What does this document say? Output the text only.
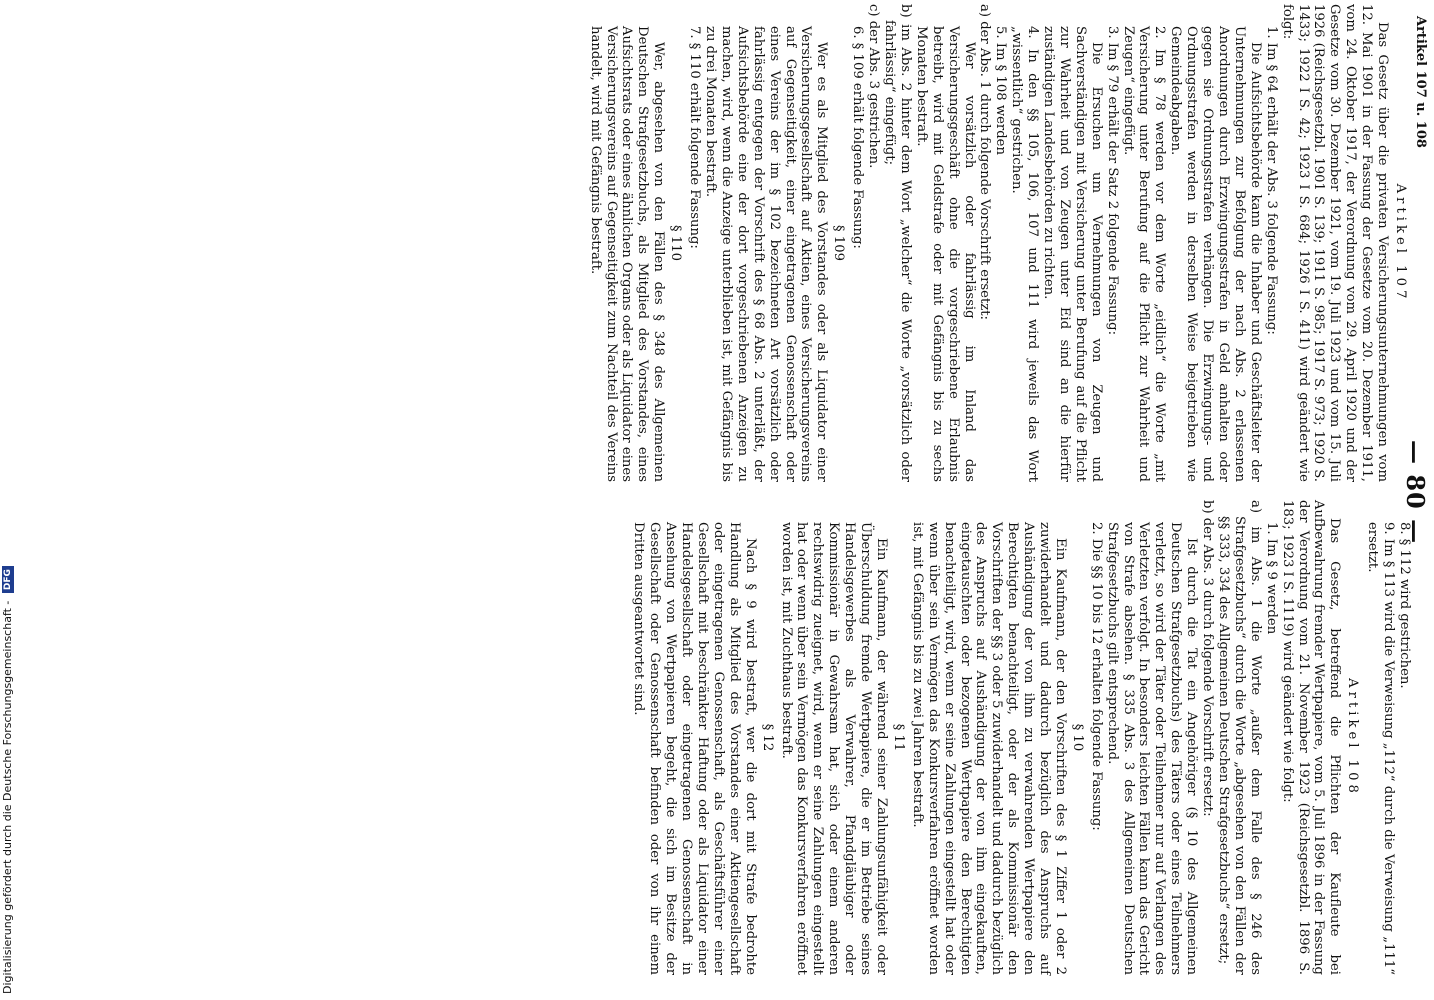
Artikel 107 u. 108
— 80 —

Artikel 107

Das Gesetz über die privaten Versicherungsunternehmungen vom 12. Mai 1901 in der Fassung der Gesetze vom 20. Dezember 1911, vom 24. Oktober 1917, der Verordnung vom 29. April 1920 und der Gesetze vom 30. Dezember 1921, vom 19. Juli 1923 und vom 15. Juli 1926 (Reichsgesetzbl. 1901 S. 139; 1911 S. 985; 1917 S. 973; 1920 S. 1433; 1922 I S. 42; 1923 I S. 684; 1926 I S. 411) wird geändert wie folgt:

1. Im § 64 erhält der Abs. 3 folgende Fassung:

Die Aufsichtsbehörde kann die Inhaber und Geschäftsleiter der Unternehmungen zur Befolgung der nach Abs. 2 erlassenen Anordnungen durch Erzwingungsstrafen in Geld anhalten oder gegen sie Ordnungsstrafen verhängen. Die Erzwingungs- und Ordnungsstrafen werden in derselben Weise beigetrieben wie Gemeindeabgaben.

2. Im § 78 werden vor dem Worte „eidlich“ die Worte „mit Versicherung unter Berufung auf die Pflicht zur Wahrheit und Zeugen“ eingefügt.

3. Im § 79 erhält der Satz 2 folgende Fassung:

Die Ersuchen um Vernehmungen von Zeugen und Sachverständigen mit Versicherung unter Berufung auf die Pflicht zur Wahrheit und von Zeugen unter Eid sind an die hierfür zuständigen Landesbehörden zu richten.

4. In den §§ 105, 106, 107 und 111 wird jeweils das Wort „wissentlich“ gestrichen.

5. Im § 108 werden

a) der Abs. 1 durch folgende Vorschrift ersetzt:

Wer vorsätzlich oder fahrlässig im Inland das Versicherungsgeschäft ohne die vorgeschriebene Erlaubnis betreibt, wird mit Geldstrafe oder mit Gefängnis bis zu sechs Monaten bestraft.

b) im Abs. 2 hinter dem Wort „welcher“ die Worte „vorsätzlich oder fahrlässig“ eingefügt;

c) der Abs. 3 gestrichen.

6. § 109 erhält folgende Fassung:

§ 109

Wer es als Mitglied des Vorstandes oder als Liquidator einer Versicherungsgesellschaft auf Aktien, eines Versicherungsvereins auf Gegenseitigkeit, einer eingetragenen Genossenschaft oder eines Vereins der im § 102 bezeichneten Art vorsätzlich oder fahrlässig entgegen der Vorschrift des § 68 Abs. 2 unterläßt, der Aufsichtsbehörde eine der dort vorgeschriebenen Anzeigen zu machen, wird, wenn die Anzeige unterblieben ist, mit Gefängnis bis zu drei Monaten bestraft.

7. § 110 erhält folgende Fassung:

§ 110

Wer, abgesehen von den Fällen des § 348 des Allgemeinen Deutschen Strafgesetzbuchs, als Mitglied des Vorstandes, eines Aufsichtsrats oder eines ähnlichen Organs oder als Liquidator eines Versicherungsvereins auf Gegenseitigkeit zum Nachteil des Vereins handelt, wird mit Gefängnis bestraft.

8. § 112 wird gestrichen.

9. Im § 113 wird die Verweisung „112“ durch die Verweisung „111“ ersetzt.

Artikel 108

Das Gesetz, betreffend die Pflichten der Kaufleute bei Aufbewahrung fremder Wertpapiere, vom 5. Juli 1896 in der Fassung der Verordnung vom 21. November 1923 (Reichsgesetzbl. 1896 S. 183; 1923 I S. 1119) wird geändert wie folgt:

1. Im § 9 werden

a) im Abs. 1 die Worte „außer dem Falle des § 246 des Strafgesetzbuchs“ durch die Worte „abgesehen von den Fällen der §§ 333, 334 des Allgemeinen Deutschen Strafgesetzbuchs“ ersetzt;

b) der Abs. 3 durch folgende Vorschrift ersetzt:

Ist durch die Tat ein Angehöriger (§ 10 des Allgemeinen Deutschen Strafgesetzbuchs) des Täters oder eines Teilnehmers verletzt, so wird der Täter oder Teilnehmer nur auf Verlangen des Verletzten verfolgt. In besonders leichten Fällen kann das Gericht von Strafe absehen. § 335 Abs. 3 des Allgemeinen Deutschen Strafgesetzbuchs gilt entsprechend.

2. Die §§ 10 bis 12 erhalten folgende Fassung:

§ 10

Ein Kaufmann, der den Vorschriften des § 1 Ziffer 1 oder 2 zuwiderhandelt und dadurch bezüglich des Anspruchs auf Aushändigung der von ihm zu verwahrenden Wertpapiere den Berechtigten benachteiligt, oder der als Kommissionär den Vorschriften der §§ 3 oder 5 zuwiderhandelt und dadurch bezüglich des Anspruchs auf Aushändigung der von ihm eingekauften, eingetauschten oder bezogenen Wertpapiere den Berechtigten benachteiligt, wird, wenn er seine Zahlungen eingestellt hat oder wenn über sein Vermögen das Konkursverfahren eröffnet worden ist, mit Gefängnis bis zu zwei Jahren bestraft.

§ 11

Ein Kaufmann, der während seiner Zahlungsunfähigkeit oder Überschuldung fremde Wertpapiere, die er im Betriebe seines Handelsgewerbes als Verwahrer, Pfandgläubiger oder Kommissionär in Gewahrsam hat, sich oder einem anderen rechtswidrig zueignet, wird, wenn er seine Zahlungen eingestellt hat oder wenn über sein Vermögen das Konkursverfahren eröffnet worden ist, mit Zuchthaus bestraft.

§ 12

Nach § 9 wird bestraft, wer die dort mit Strafe bedrohte Handlung als Mitglied des Vorstandes einer Aktiengesellschaft oder eingetragenen Genossenschaft, als Geschäftsführer einer Gesellschaft mit beschränkter Haftung oder als Liquidator einer Handelsgesellschaft oder eingetragenen Genossenschaft in Ansehung von Wertpapieren begeht, die sich im Besitze der Gesellschaft oder Genossenschaft befinden oder von ihr einem Dritten ausgeantwortet sind.

Digitalisierung gefördert durch die Deutsche Forschungsgemeinschaft - DFG
